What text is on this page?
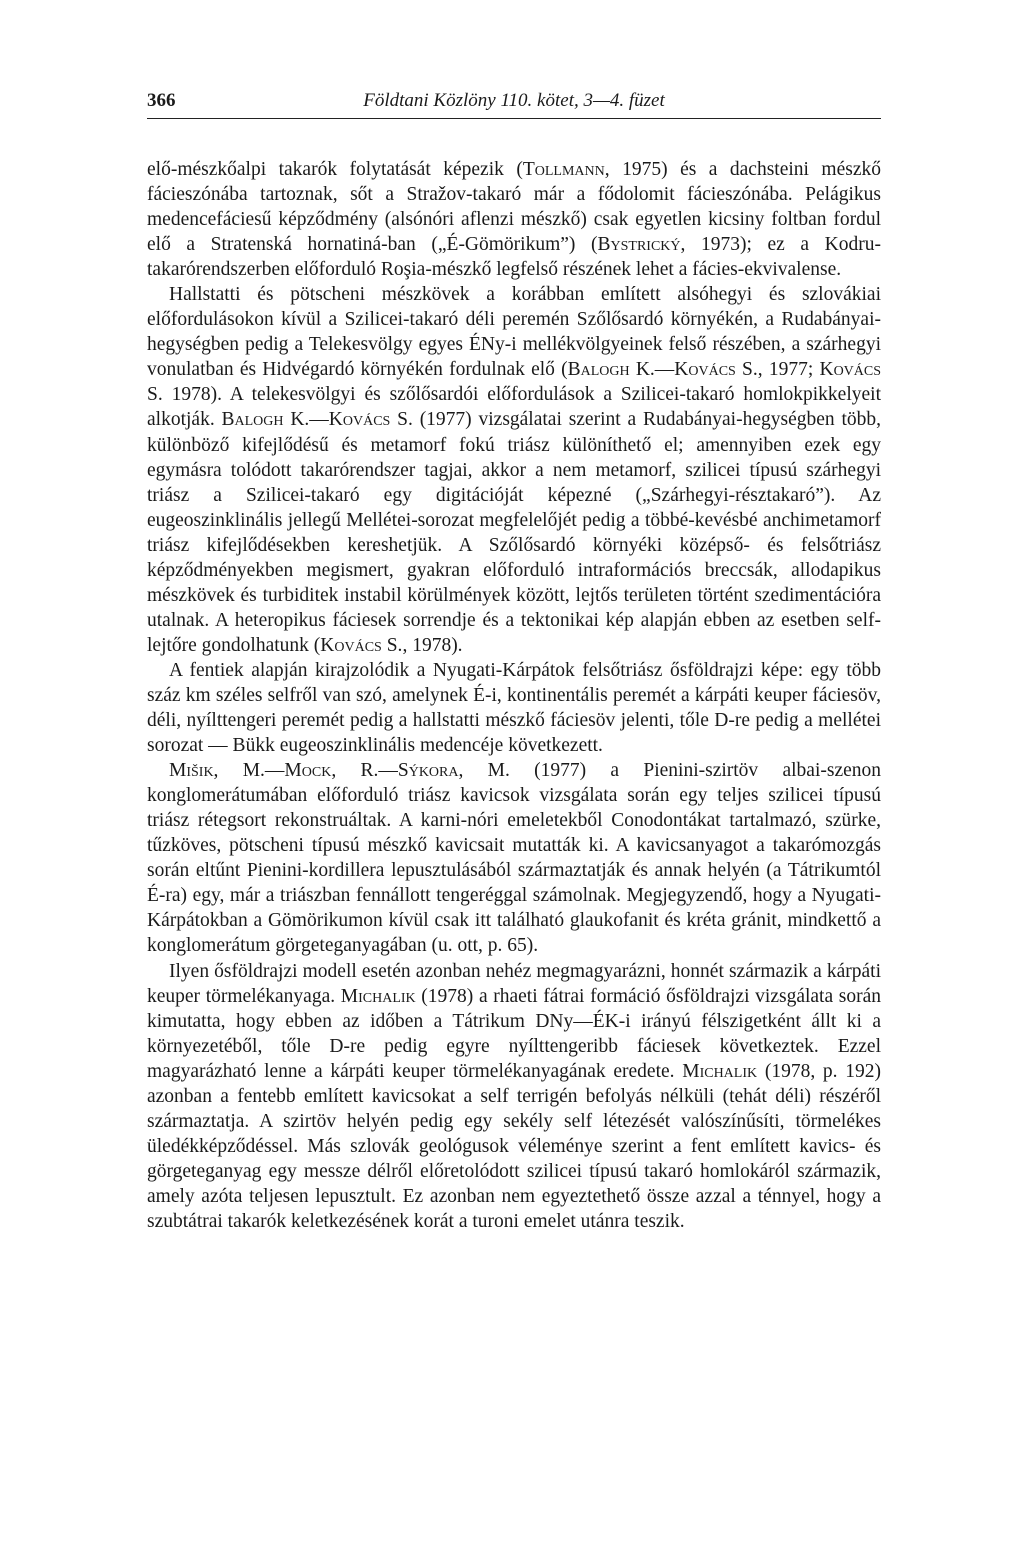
366	Földtani Közlöny 110. kötet, 3—4. füzet

elő-mészkőalpi takarók folytatását képezik (Tollmann, 1975) és a dachsteini mészkő fácieszónába tartoznak, sőt a Stražov-takaró már a fődolomit fácieszónába. Pelágikus medencefáciesű képződmény (alsónóri aflenzi mészkő) csak egyetlen kicsiny foltban fordul elő a Stratenská hornatiná-ban („É-Gömörikum”) (Bystrický, 1973); ez a Kodru-takarórendszerben előforduló Roşia-mészkő legfelső részének lehet a fácies-ekvivalense.

Hallstatti és pötscheni mészkövek a korábban említett alsóhegyi és szlovákiai előfordulásokon kívül a Szilicei-takaró déli peremén Szőlősardó környékén, a Rudabányai-hegységben pedig a Telekesvölgy egyes ÉNy-i mellékvölgyeinek felső részében, a szárhegyi vonulatban és Hidvégardó környékén fordulnak elő (Balogh K.—Kovács S., 1977; Kovács S. 1978). A telekesvölgyi és szőlősardói előfordulások a Szilicei-takaró homlokpikkelyeit alkotják. Balogh K.—Kovács S. (1977) vizsgálatai szerint a Rudabányai-hegységben több, különböző kifejlődésű és metamorf fokú triász különíthető el; amennyiben ezek egy egymásra tolódott takarórendszer tagjai, akkor a nem metamorf, szilicei típusú szárhegyi triász a Szilicei-takaró egy digitációját képezné („Szárhegyi-résztakaró”). Az eugeoszinklinális jellegű Mellétei-sorozat megfelelőjét pedig a többé-kevésbé anchimetamorf triász kifejlődésekben kereshetjük. A Szőlősardó környéki középső- és felsőtriász képződményekben megismert, gyakran előforduló intraformációs breccsák, allodapikus mészkövek és turbiditek instabil körülmények között, lejtős területen történt szedimentációra utalnak. A heteropikus fáciesek sorrendje és a tektonikai kép alapján ebben az esetben self-lejtőre gondolhatunk (Kovács S., 1978).

A fentiek alapján kirajzolódik a Nyugati-Kárpátok felsőtriász ősföldrajzi képe: egy több száz km széles selfről van szó, amelynek É-i, kontinentális peremét a kárpáti keuper fáciesöv, déli, nyílttengeri peremét pedig a hallstatti mészkő fáciesöv jelenti, tőle D-re pedig a mellétei sorozat — Bükk eugeoszinklinális medencéje következett.

Mišik, M.—Mock, R.—Sýkora, M. (1977) a Pienini-szirtöv albai-szenon konglomerátumában előforduló triász kavicsok vizsgálata során egy teljes szilicei típusú triász rétegsort rekonstruáltak. A karni-nóri emeletekből Conodontákat tartalmazó, szürke, tűzköves, pötscheni típusú mészkő kavicsait mutatták ki. A kavicsanyagot a takarómozgás során eltűnt Pienini-kordillera lepusztulásából származtatják és annak helyén (a Tátrikumtól É-ra) egy, már a triászban fennállott tengeréggal számolnak. Megjegyzendő, hogy a Nyugati-Kárpátokban a Gömörikumon kívül csak itt található glaukofanit és kréta gránit, mindkettő a konglomerátum görgeteganyagában (u. ott, p. 65).

Ilyen ősföldrajzi modell esetén azonban nehéz megmagyarázni, honnét származik a kárpáti keuper törmelékanyaga. Michalik (1978) a rhaeti fátrai formáció ősföldrajzi vizsgálata során kimutatta, hogy ebben az időben a Tátrikum DNy—ÉK-i irányú félszigetként állt ki a környezetéből, tőle D-re pedig egyre nyílttengeribb fáciesek következtek. Ezzel magyarázható lenne a kárpáti keuper törmelékanyagának eredete. Michalik (1978, p. 192) azonban a fentebb említett kavicsokat a self terrigén befolyás nélküli (tehát déli) részéről származtatja. A szirtöv helyén pedig egy sekély self létezését valószínűsíti, törmelékes üledékképződéssel. Más szlovák geológusok véleménye szerint a fent említett kavics- és görgeteganyag egy messze délről előretolódott szilicei típusú takaró homlokáról származik, amely azóta teljesen lepusztult. Ez azonban nem egyeztethető össze azzal a ténnyel, hogy a szubtátrai takarók keletkezésének korát a turoni emelet utánra teszik.
